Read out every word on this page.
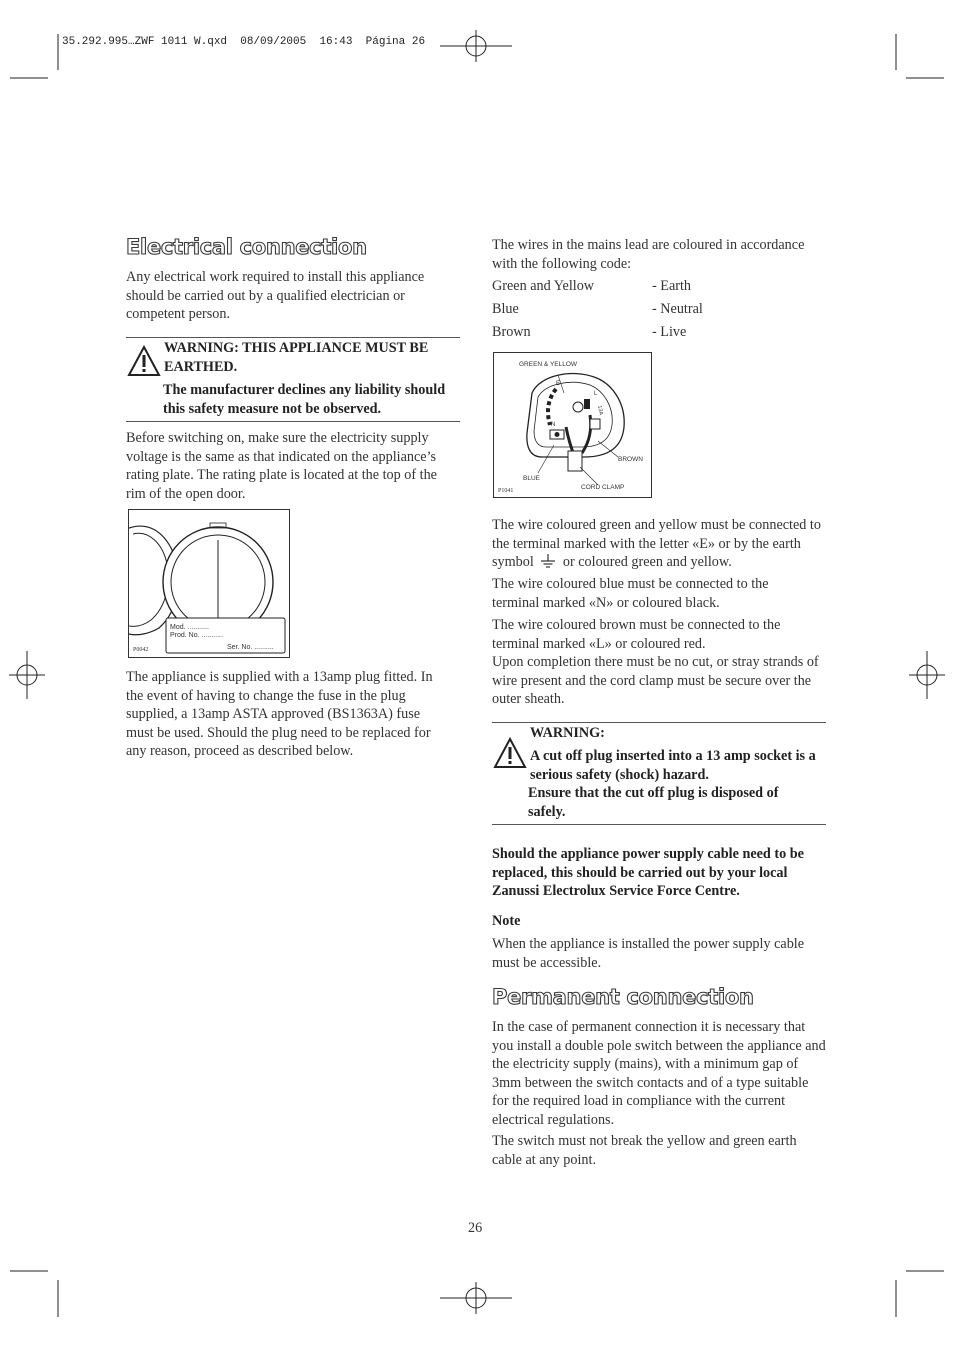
35.292.995…ZWF 1011 W.qxd  08/09/2005  16:43  Página 26
Electrical connection

Any electrical work required to install this appliance should be carried out by a qualified electrician or competent person.

WARNING: THIS APPLIANCE MUST BE EARTHED.

The manufacturer declines any liability should this safety measure not be observed.

Before switching on, make sure the electricity supply voltage is the same as that indicated on the appliance’s rating plate. The rating plate is located at the top of the rim of the open door.

Mod. ...........
Prod. No. ...........
Ser. No. ..........
P0042

The appliance is supplied with a 13amp plug fitted. In the event of having to change the fuse in the plug supplied, a 13amp ASTA approved (BS1363A) fuse must be used. Should the plug need to be replaced for any reason, proceed as described below.

The wires in the mains lead are coloured in accordance with the following code:

Green and Yellow	- Earth
Blue	- Neutral
Brown	- Live
GREEN & YELLOW
BROWN
BLUE
CORD CLAMP
P1041
E
N
L
13A

The wire coloured green and yellow must be connected to the terminal marked with the letter «E» or by the earth symbol or coloured green and yellow.

The wire coloured blue must be connected to the terminal marked «N» or coloured black.

The wire coloured brown must be connected to the terminal marked «L» or coloured red.

Upon completion there must be no cut, or stray strands of wire present and the cord clamp must be secure over the outer sheath.

WARNING:

A cut off plug inserted into a 13 amp socket is a serious safety (shock) hazard.

Ensure that the cut off plug is disposed of safely.

Should the appliance power supply cable need to be replaced, this should be carried out by your local Zanussi Electrolux Service Force Centre.

Note

When the appliance is installed the power supply cable must be accessible.

Permanent connection

In the case of permanent connection it is necessary that you install a double pole switch between the appliance and the electricity supply (mains), with a minimum gap of 3mm between the switch contacts and of a type suitable for the required load in compliance with the current electrical regulations.

The switch must not break the yellow and green earth cable at any point.

26
